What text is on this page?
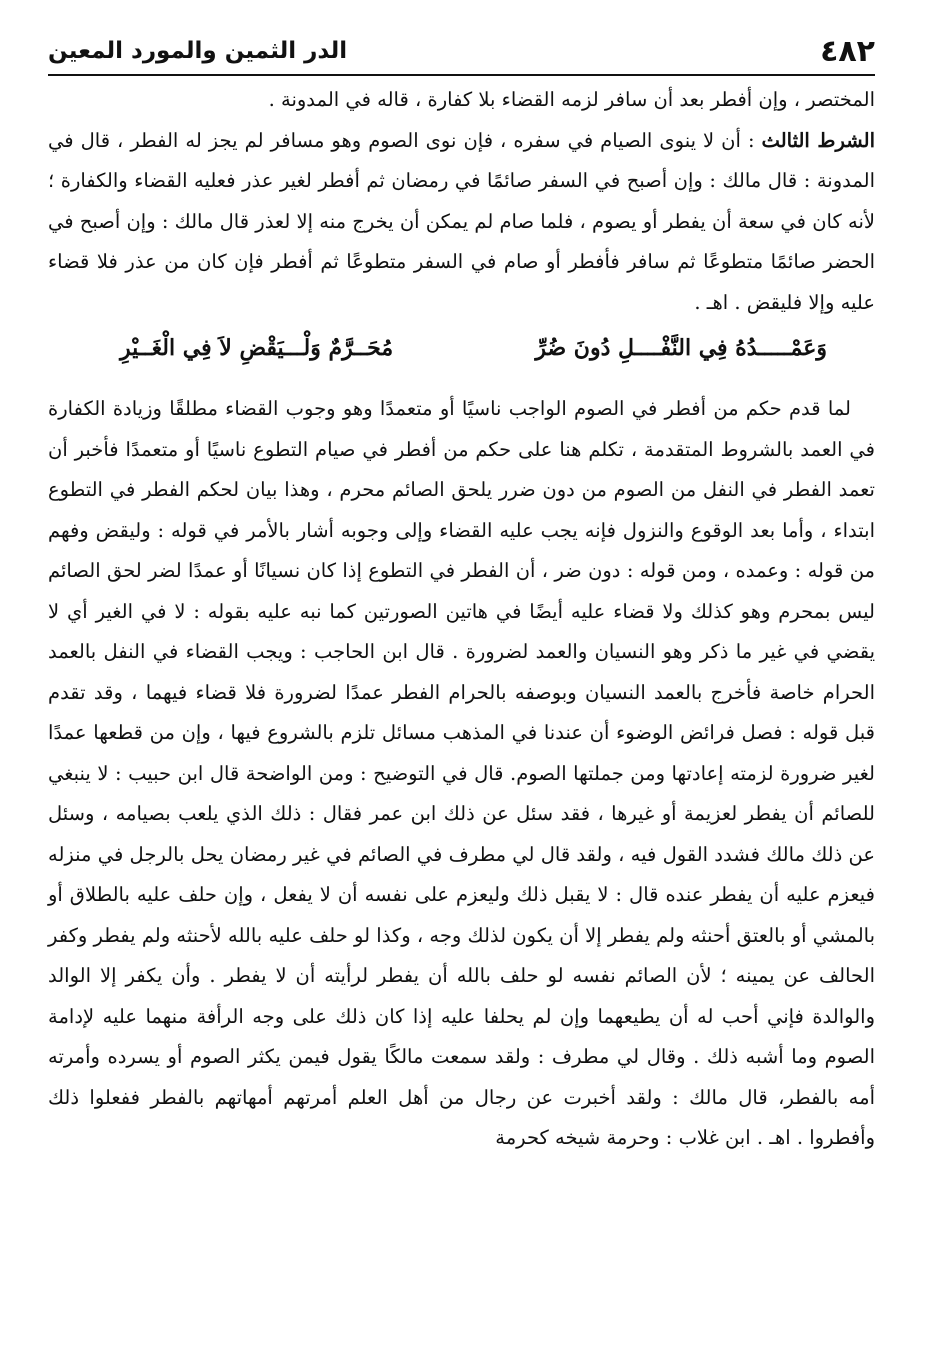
٤٨٢
الدر الثمين والمورد المعين

المختصر ، وإن أفطر بعد أن سافر لزمه القضاء بلا كفارة ، قاله في المدونة .

الشرط الثالث : أن لا ينوى الصيام في سفره ، فإن نوى الصوم وهو مسافر لم يجز له الفطر ، قال في المدونة : قال مالك : وإن أصبح في السفر صائمًا في رمضان ثم أفطر لغير عذر فعليه القضاء والكفارة ؛ لأنه كان في سعة أن يفطر أو يصوم ، فلما صام لم يمكن أن يخرج منه إلا لعذر قال مالك : وإن أصبح في الحضر صائمًا متطوعًا ثم سافر فأفطر أو صام في السفر متطوعًا ثم أفطر فإن كان من عذر فلا قضاء عليه وإلا فليقض . اهـ .

وَعَمْـــــدُهُ فِي النَّفْــــلِ دُونَ ضُرِّ
مُحَــرَّمٌ وَلْـــيَقْضِ لاَ فِي الْغَــيْرِ

لما قدم حكم من أفطر في الصوم الواجب ناسيًا أو متعمدًا وهو وجوب القضاء مطلقًا وزيادة الكفارة في العمد بالشروط المتقدمة ، تكلم هنا على حكم من أفطر في صيام التطوع ناسيًا أو متعمدًا فأخبر أن تعمد الفطر في النفل من الصوم من دون ضرر يلحق الصائم محرم ، وهذا بيان لحكم الفطر في التطوع ابتداء ، وأما بعد الوقوع والنزول فإنه يجب عليه القضاء وإلى وجوبه أشار بالأمر في قوله : وليقض وفهم من قوله : وعمده ، ومن قوله : دون ضر ، أن الفطر في التطوع إذا كان نسيانًا أو عمدًا لضر لحق الصائم ليس بمحرم وهو كذلك ولا قضاء عليه أيضًا في هاتين الصورتين كما نبه عليه بقوله : لا في الغير أي لا يقضي في غير ما ذكر وهو النسيان والعمد لضرورة . قال ابن الحاجب : ويجب القضاء في النفل بالعمد الحرام خاصة فأخرج بالعمد النسيان وبوصفه بالحرام الفطر عمدًا لضرورة فلا قضاء فيهما ، وقد تقدم قبل قوله : فصل فرائض الوضوء أن عندنا في المذهب مسائل تلزم بالشروع فيها ، وإن من قطعها عمدًا لغير ضرورة لزمته إعادتها ومن جملتها الصوم. قال في التوضيح : ومن الواضحة قال ابن حبيب : لا ينبغي للصائم أن يفطر لعزيمة أو غيرها ، فقد سئل عن ذلك ابن عمر فقال : ذلك الذي يلعب بصيامه ، وسئل عن ذلك مالك فشدد القول فيه ، ولقد قال لي مطرف في الصائم في غير رمضان يحل بالرجل في منزله فيعزم عليه أن يفطر عنده قال : لا يقبل ذلك وليعزم على نفسه أن لا يفعل ، وإن حلف عليه بالطلاق أو بالمشي أو بالعتق أحنثه ولم يفطر إلا أن يكون لذلك وجه ، وكذا لو حلف عليه بالله لأحنثه ولم يفطر وكفر الحالف عن يمينه ؛ لأن الصائم نفسه لو حلف بالله أن يفطر لرأيته أن لا يفطر . وأن يكفر إلا الوالد والوالدة فإني أحب له أن يطيعهما وإن لم يحلفا عليه إذا كان ذلك على وجه الرأفة منهما عليه لإدامة الصوم وما أشبه ذلك . وقال لي مطرف : ولقد سمعت مالكًا يقول فيمن يكثر الصوم أو يسرده وأمرته أمه بالفطر، قال مالك : ولقد أخبرت عن رجال من أهل العلم أمرتهم أمهاتهم بالفطر ففعلوا ذلك وأفطروا . اهـ . ابن غلاب : وحرمة شيخه كحرمة
